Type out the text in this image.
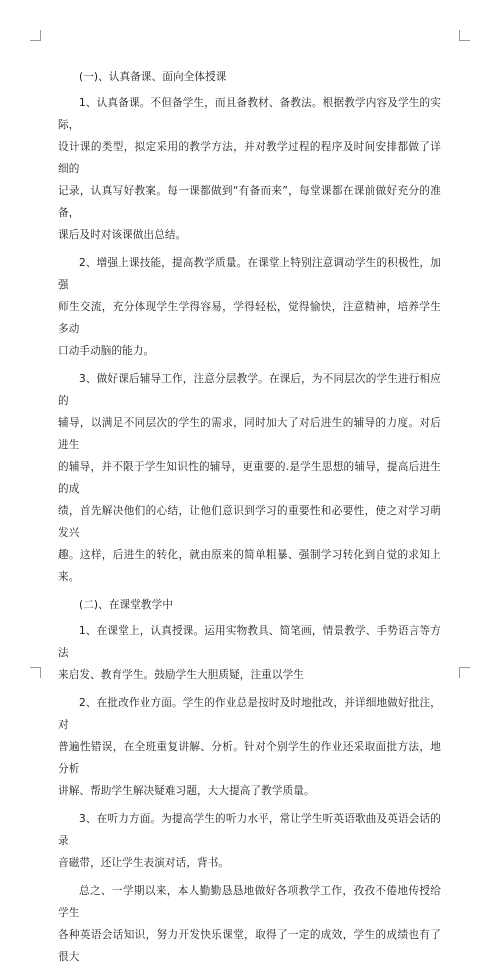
(一)、认真备课、面向全体授课
1、认真备课。不但备学生，而且备教材、备教法。根据教学内容及学生的实际，
设计课的类型，拟定采用的教学方法，并对教学过程的程序及时间安排都做了详细的
记录，认真写好教案。每一课都做到“有备而来”，每堂课都在课前做好充分的准备，
课后及时对该课做出总结。
2、增强上课技能，提高教学质量。在课堂上特别注意调动学生的积极性，加强
师生交流，充分体现学生学得容易，学得轻松，觉得愉快，注意精神，培养学生多动
口动手动脑的能力。
3、做好课后辅导工作，注意分层教学。在课后，为不同层次的学生进行相应的
辅导，以满足不同层次的学生的需求，同时加大了对后进生的辅导的力度。对后进生
的辅导，并不限于学生知识性的辅导，更重要的.是学生思想的辅导，提高后进生的成
绩，首先解决他们的心结，让他们意识到学习的重要性和必要性，使之对学习萌发兴
趣。这样，后进生的转化，就由原来的简单粗暴、强制学习转化到自觉的求知上来。
(二)、在课堂教学中
1、在课堂上，认真授课。运用实物教具、简笔画，情景教学、手势语言等方法
来启发、教育学生。鼓励学生大胆质疑，注重以学生
2、在批改作业方面。学生的作业总是按时及时地批改，并详细地做好批注，对
普遍性错误，在全班重复讲解、分析。针对个别学生的作业还采取面批方法，地分析
讲解、帮助学生解决疑难习题，大大提高了教学质量。
3、在听力方面。为提高学生的听力水平，常让学生听英语歌曲及英语会话的录
音磁带，还让学生表演对话，背书。
总之、一学期以来，本人勤勤恳恳地做好各项教学工作，孜孜不倦地传授给学生
各种英语会话知识，努力开发快乐课堂，取得了一定的成效，学生的成绩也有了很大
